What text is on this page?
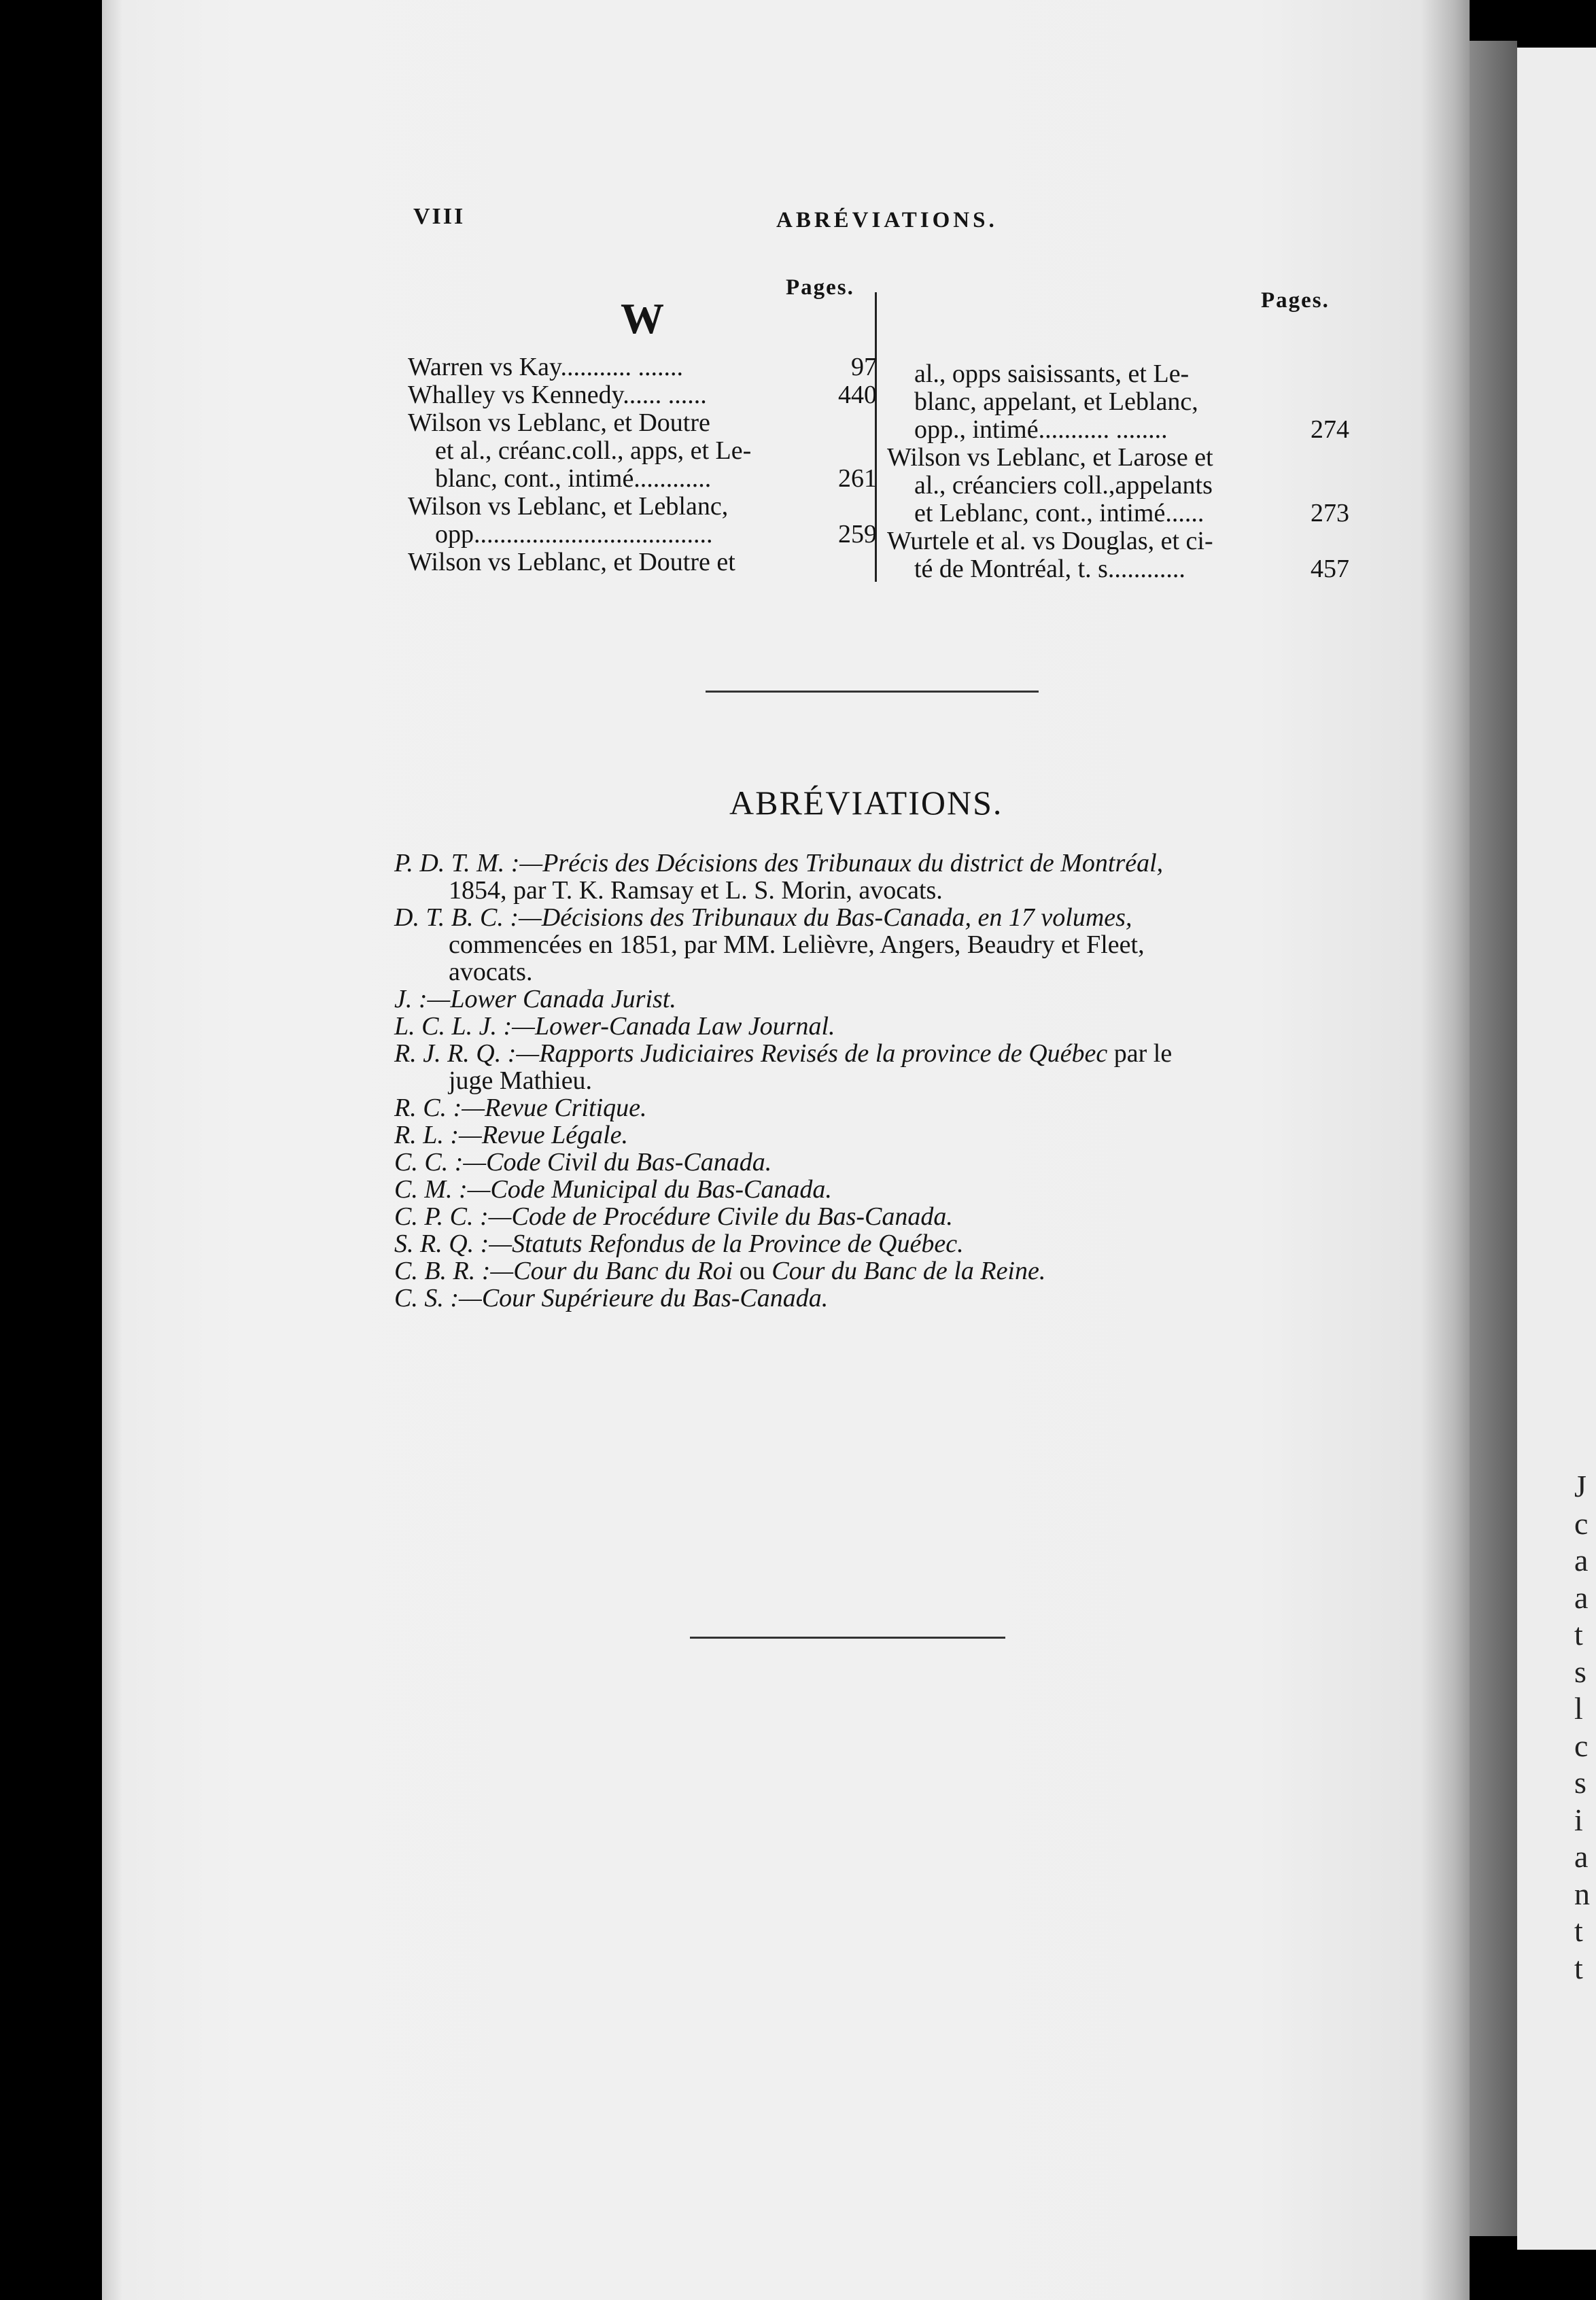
J
c
a
a
t
s
l
c
s
i
a
n
t
t
VIII	ABRÉVIATIONS.
W
Pages.
Pages.
Warren vs Kay........... .......	97
Whalley vs Kennedy...... ......	440
Wilson vs Leblanc, et Doutre
et al., créanc.coll., apps, et Le-
blanc, cont., intimé............	261
Wilson vs Leblanc, et Leblanc,
opp.....................................	259
Wilson vs Leblanc, et Doutre et
al., opps saisissants, et Le-
blanc, appelant, et Leblanc,
opp., intimé........... ........	274
Wilson vs Leblanc, et Larose et
al., créanciers coll.,appelants
et Leblanc, cont., intimé......	273
Wurtele et al. vs Douglas, et ci-
té de Montréal, t. s............	457
ABRÉVIATIONS.
P. D. T. M. :—Précis des Décisions des Tribunaux du district de Montréal,
1854, par T. K. Ramsay et L. S. Morin, avocats.
D. T. B. C. :—Décisions des Tribunaux du Bas-Canada, en 17 volumes,
commencées en 1851, par MM. Lelièvre, Angers, Beaudry et Fleet,
avocats.
J. :—Lower Canada Jurist.
L. C. L. J. :—Lower-Canada Law Journal.
R. J. R. Q. :—Rapports Judiciaires Revisés de la province de Québec par le
juge Mathieu.
R. C. :—Revue Critique.
R. L. :—Revue Légale.
C. C. :—Code Civil du Bas-Canada.
C. M. :—Code Municipal du Bas-Canada.
C. P. C. :—Code de Procédure Civile du Bas-Canada.
S. R. Q. :—Statuts Refondus de la Province de Québec.
C. B. R. :—Cour du Banc du Roi ou Cour du Banc de la Reine.
C. S. :—Cour Supérieure du Bas-Canada.
